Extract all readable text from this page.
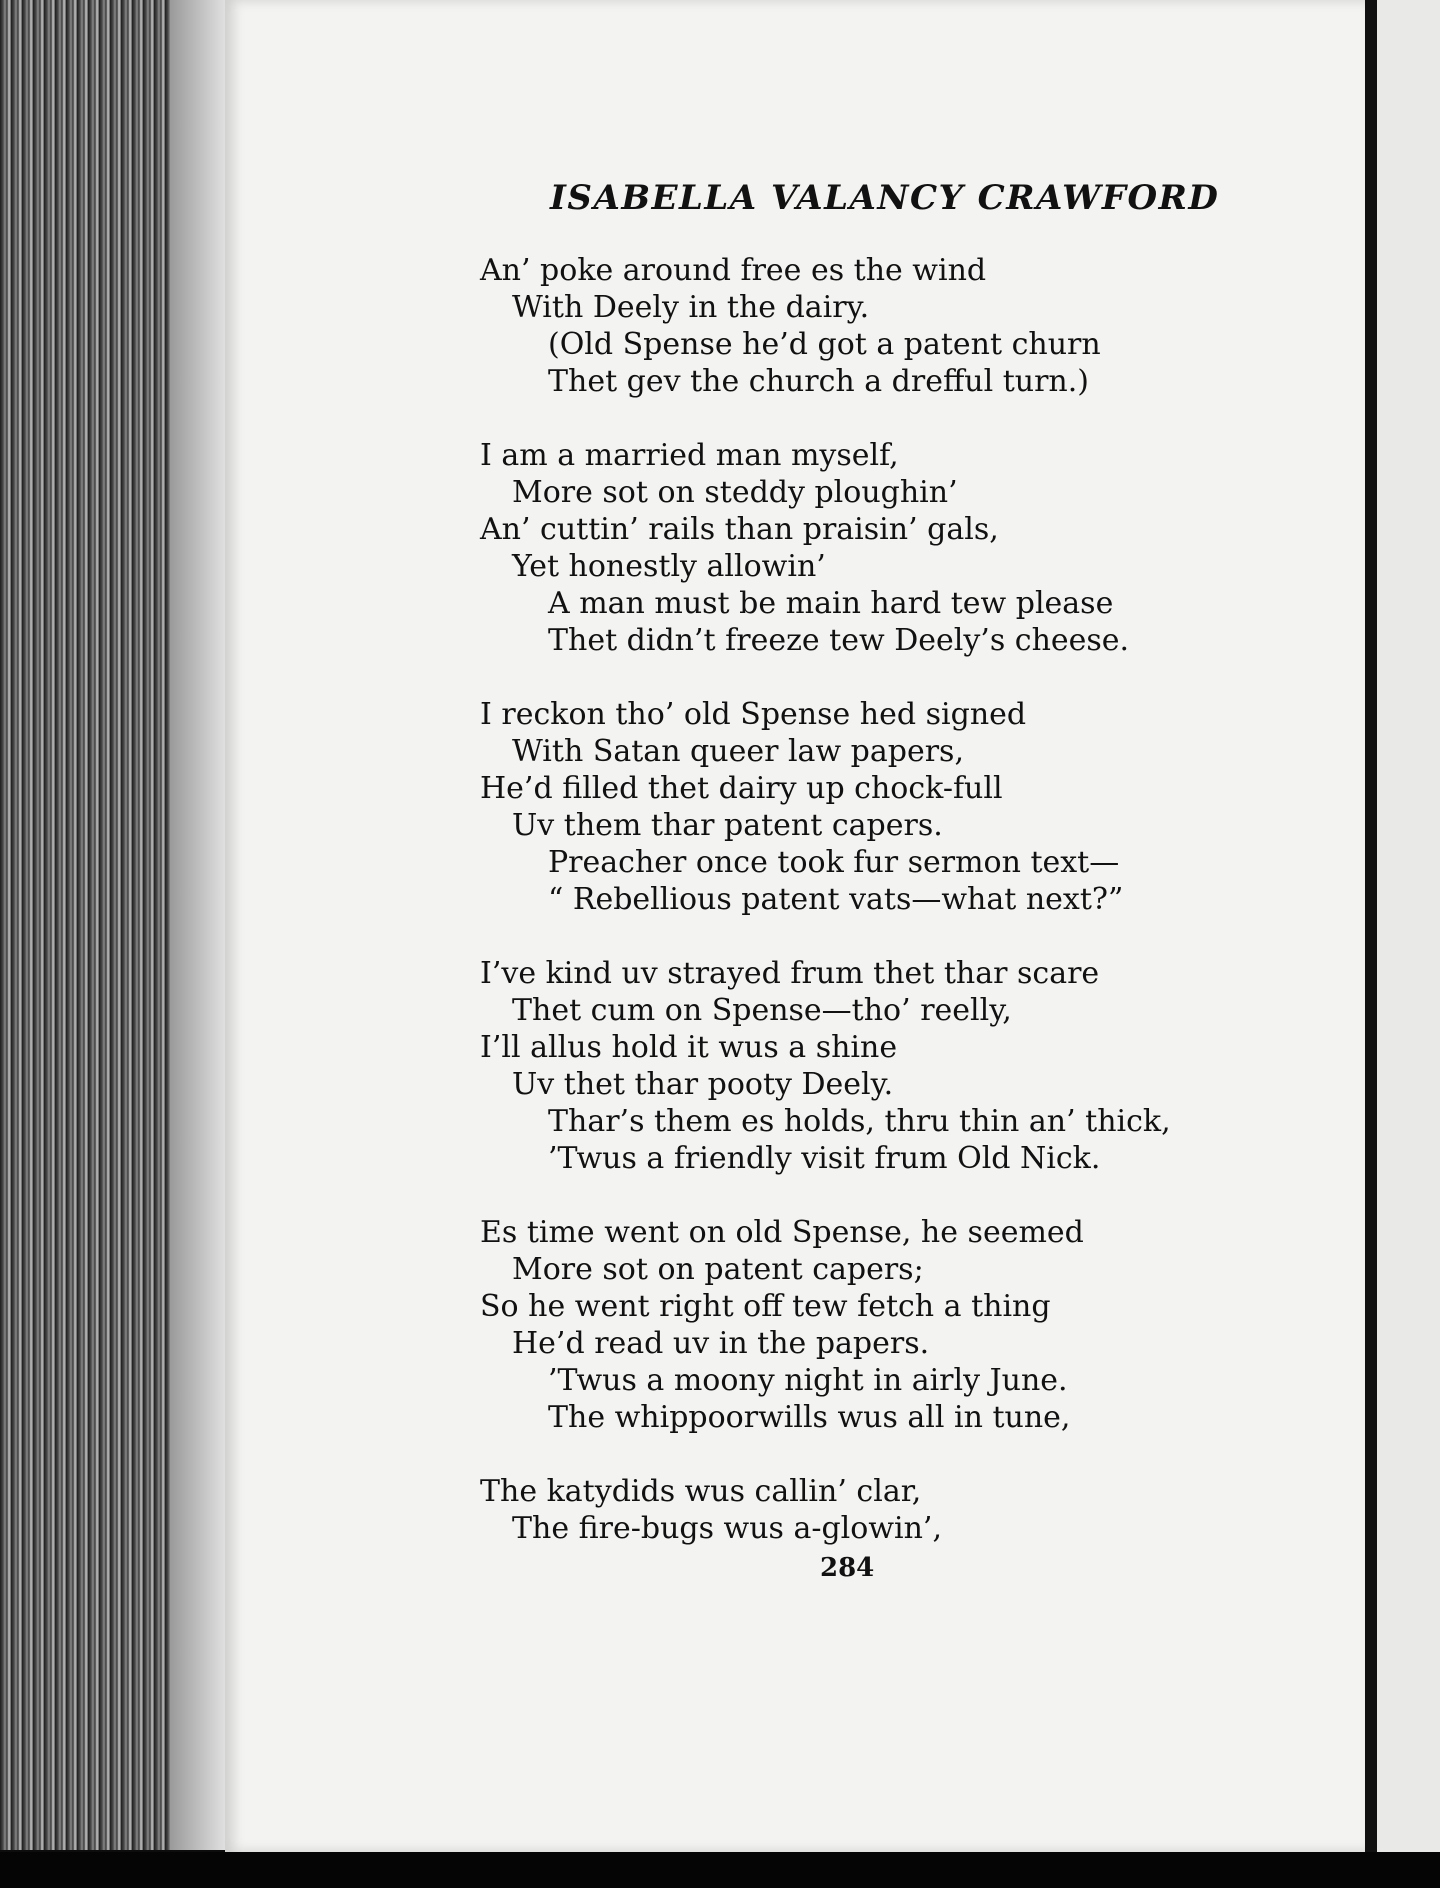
ISABELLA VALANCY CRAWFORD
An’ poke around free es the wind
With Deely in the dairy.
(Old Spense he’d got a patent churn
Thet gev the church a drefful turn.)
I am a married man myself,
More sot on steddy ploughin’
An’ cuttin’ rails than praisin’ gals,
Yet honestly allowin’
A man must be main hard tew please
Thet didn’t freeze tew Deely’s cheese.
I reckon tho’ old Spense hed signed
With Satan queer law papers,
He’d filled thet dairy up chock-full
Uv them thar patent capers.
Preacher once took fur sermon text—
“ Rebellious patent vats—what next?”
I’ve kind uv strayed frum thet thar scare
Thet cum on Spense—tho’ reelly,
I’ll allus hold it wus a shine
Uv thet thar pooty Deely.
Thar’s them es holds, thru thin an’ thick,
’Twus a friendly visit frum Old Nick.
Es time went on old Spense, he seemed
More sot on patent capers;
So he went right off tew fetch a thing
He’d read uv in the papers.
’Twus a moony night in airly June.
The whippoorwills wus all in tune,
The katydids wus callin’ clar,
The fire-bugs wus a-glowin’,
284
